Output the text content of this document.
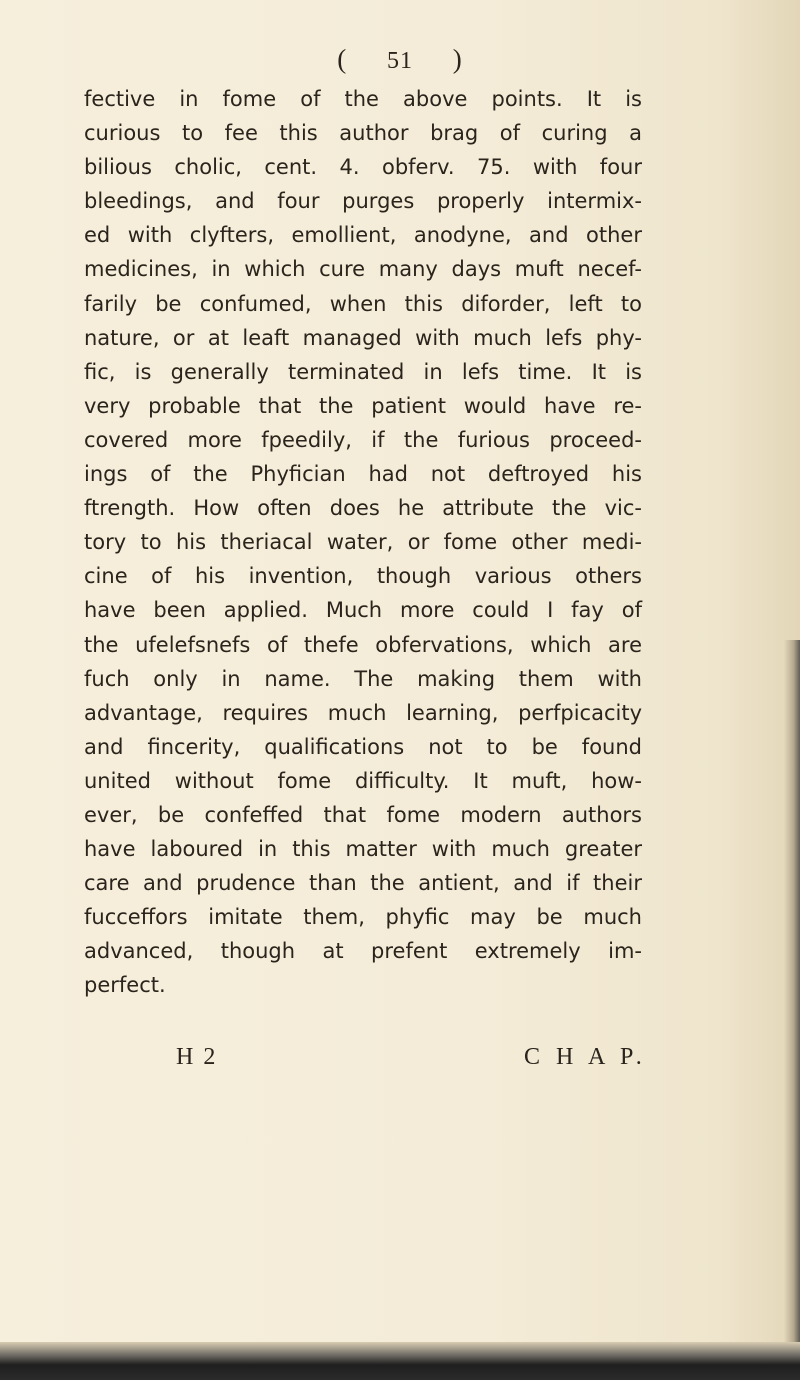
( 51 )
fective in fome of the above points. It is
curious to fee this author brag of curing a
bilious cholic, cent. 4. obferv. 75. with four
bleedings, and four purges properly intermix-
ed with clyfters, emollient, anodyne, and other
medicines, in which cure many days muft necef-
farily be confumed, when this diforder, left to
nature, or at leaft managed with much lefs phy-
fic, is generally terminated in lefs time. It is
very probable that the patient would have re-
covered more fpeedily, if the furious proceed-
ings of the Phyfician had not deftroyed his
ftrength. How often does he attribute the vic-
tory to his theriacal water, or fome other medi-
cine of his invention, though various others
have been applied. Much more could I fay of
the ufelefsnefs of thefe obfervations, which are
fuch only in name. The making them with
advantage, requires much learning, perfpicacity
and fincerity, qualifications not to be found
united without fome difficulty. It muft, how-
ever, be confeffed that fome modern authors
have laboured in this matter with much greater
care and prudence than the antient, and if their
fucceffors imitate them, phyfic may be much
advanced, though at prefent extremely im-
perfect.
H 2	C H A P.
